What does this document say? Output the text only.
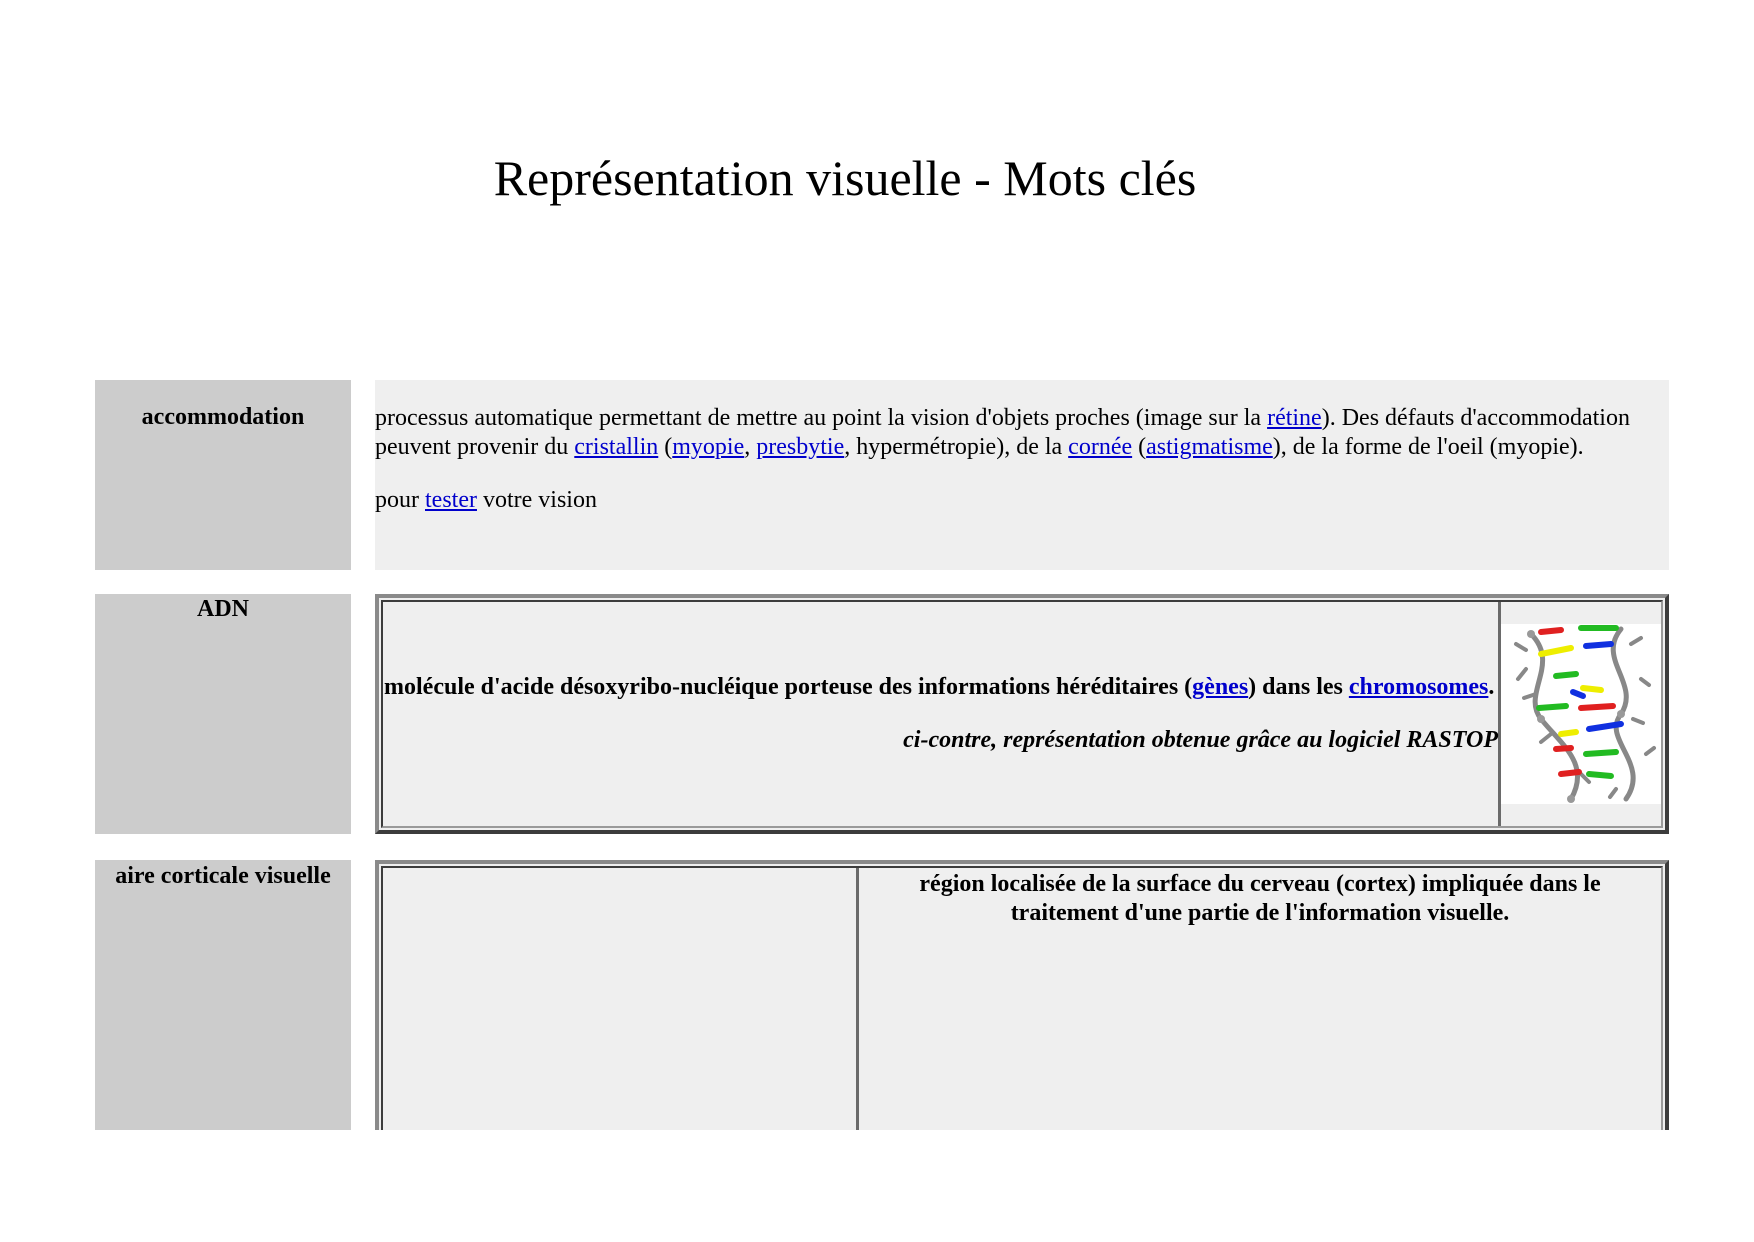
Représentation visuelle - Mots clés
accommodation	processus automatique permettant de mettre au point la vision d'objets proches (image sur la rétine). Des défauts d'accommodation peuvent provenir du cristallin (myopie, presbytie, hypermétropie), de la cornée (astigmatisme), de la forme de l'oeil (myopie).

pour tester votre vision

ADN
molécule d'acide désoxyribo-nucléique porteuse des informations héréditaires (gènes) dans les chromosomes.
ci-contre, représentation obtenue grâce au logiciel RASTOP
aire corticale visuelle	région localisée de la surface du cerveau (cortex) impliquée dans le traitement d'une partie de l'information visuelle.
